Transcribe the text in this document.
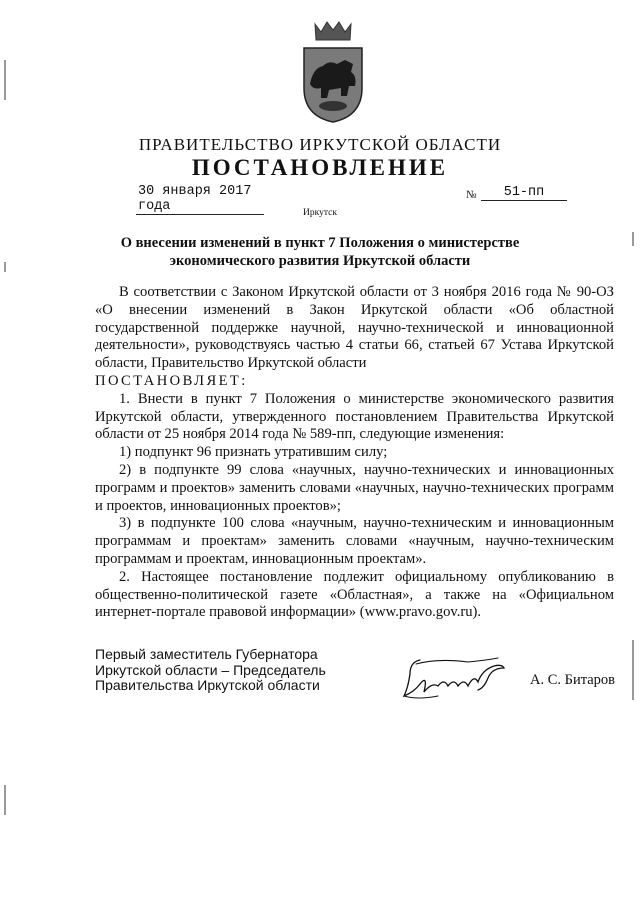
ПРАВИТЕЛЬСТВО ИРКУТСКОЙ ОБЛАСТИ
ПОСТАНОВЛЕНИЕ
30 января 2017 года
№	51-пп
Иркутск
О внесении изменений в пункт 7 Положения о министерстве
экономического развития Иркутской области

В соответствии с Законом Иркутской области от 3 ноября 2016 года № 90-ОЗ «О внесении изменений в Закон Иркутской области «Об областной государственной поддержке научной, научно-технической и инновационной деятельности», руководствуясь частью 4 статьи 66, статьей 67 Устава Иркутской области, Правительство Иркутской области

ПОСТАНОВЛЯЕТ:

1. Внести в пункт 7 Положения о министерстве экономического развития Иркутской области, утвержденного постановлением Правительства Иркутской области от 25 ноября 2014 года № 589-пп, следующие изменения:

1) подпункт 96 признать утратившим силу;

2) в подпункте 99 слова «научных, научно-технических и инновационных программ и проектов» заменить словами «научных, научно-технических программ и проектов, инновационных проектов»;

3) в подпункте 100 слова «научным, научно-техническим и инновационным программам и проектам» заменить словами «научным, научно-техническим программам и проектам, инновационным проектам».

2. Настоящее постановление подлежит официальному опубликованию в общественно-политической газете «Областная», а также на «Официальном интернет-портале правовой информации» (www.pravo.gov.ru).

Первый заместитель Губернатора
Иркутской области – Председатель
Правительства Иркутской области	А. С. Битаров
